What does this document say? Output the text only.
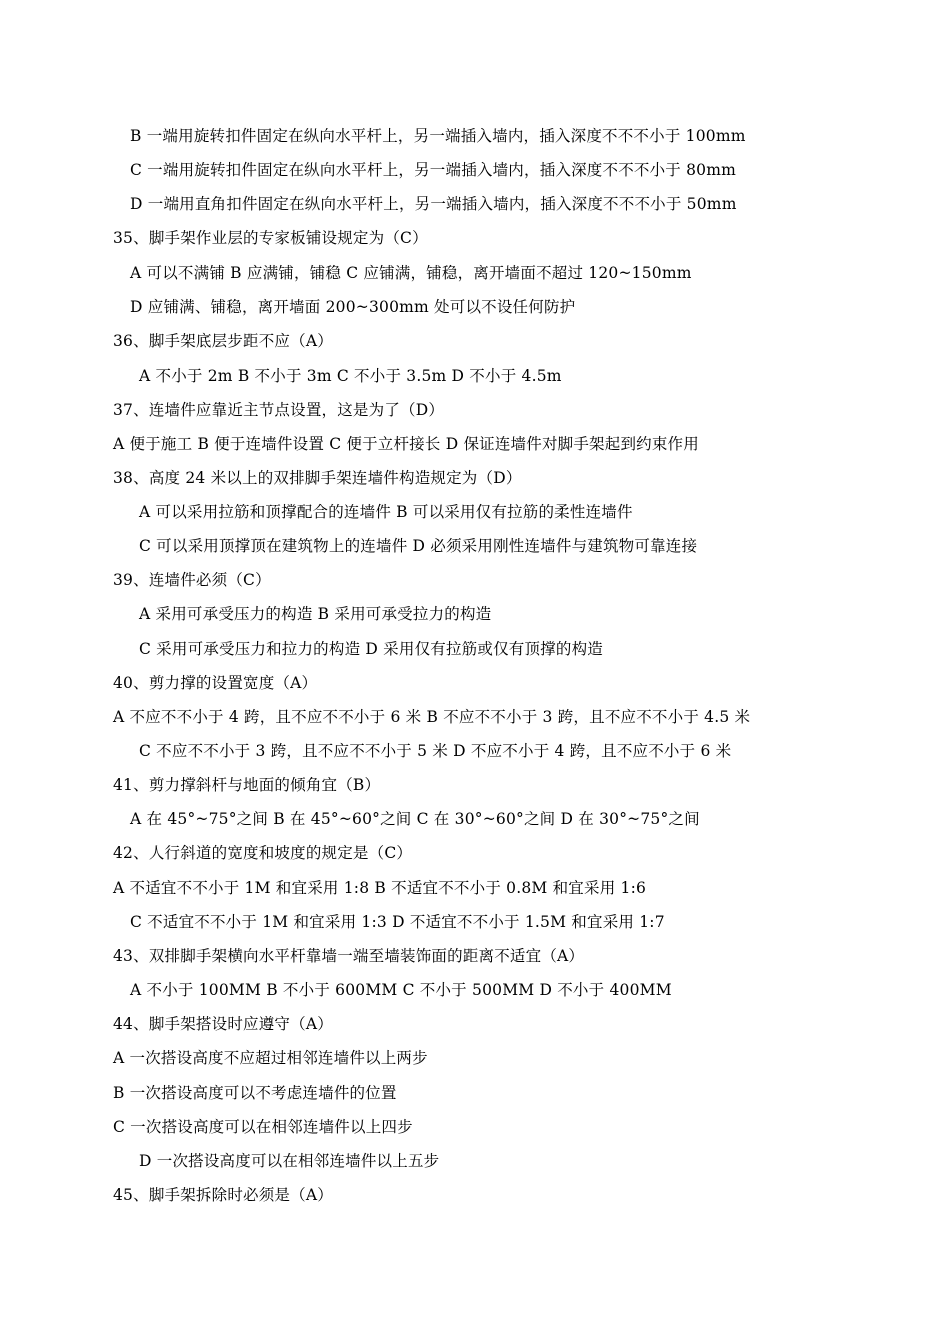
B 一端用旋转扣件固定在纵向水平杆上，另一端插入墙内，插入深度不不不小于 100mm
C 一端用旋转扣件固定在纵向水平杆上，另一端插入墙内，插入深度不不不小于 80mm
D 一端用直角扣件固定在纵向水平杆上，另一端插入墙内，插入深度不不不小于 50mm
35、脚手架作业层的专家板铺设规定为（C）
A 可以不满铺 B 应满铺，铺稳 C 应铺满，铺稳，离开墙面不超过 120~150mm
D 应铺满、铺稳，离开墙面 200~300mm 处可以不设任何防护
36、脚手架底层步距不应（A）
A 不小于 2m B 不小于 3m C 不小于 3.5m D 不小于 4.5m
37、连墙件应靠近主节点设置，这是为了（D）
A 便于施工 B 便于连墙件设置 C 便于立杆接长 D 保证连墙件对脚手架起到约束作用
38、高度 24 米以上的双排脚手架连墙件构造规定为（D）
A 可以采用拉筋和顶撑配合的连墙件 B 可以采用仅有拉筋的柔性连墙件
C 可以采用顶撑顶在建筑物上的连墙件 D 必须采用刚性连墙件与建筑物可靠连接
39、连墙件必须（C）
A 采用可承受压力的构造 B 采用可承受拉力的构造
C 采用可承受压力和拉力的构造 D 采用仅有拉筋或仅有顶撑的构造
40、剪力撑的设置宽度（A）
A 不应不不小于 4 跨，且不应不不小于 6 米 B 不应不不小于 3 跨，且不应不不小于 4.5 米
C 不应不不小于 3 跨，且不应不不小于 5 米 D 不应不小于 4 跨，且不应不小于 6 米
41、剪力撑斜杆与地面的倾角宜（B）
A 在 45°~75°之间 B 在 45°~60°之间 C 在 30°~60°之间 D 在 30°~75°之间
42、人行斜道的宽度和坡度的规定是（C）
A 不适宜不不小于 1M 和宜采用 1:8 B 不适宜不不小于 0.8M 和宜采用 1:6
C 不适宜不不小于 1M 和宜采用 1:3 D 不适宜不不小于 1.5M 和宜采用 1:7
43、双排脚手架横向水平杆靠墙一端至墙装饰面的距离不适宜（A）
A 不小于 100MM B 不小于 600MM C 不小于 500MM D 不小于 400MM
44、脚手架搭设时应遵守（A）
A 一次搭设高度不应超过相邻连墙件以上两步
B 一次搭设高度可以不考虑连墙件的位置
C 一次搭设高度可以在相邻连墙件以上四步
D 一次搭设高度可以在相邻连墙件以上五步
45、脚手架拆除时必须是（A）
